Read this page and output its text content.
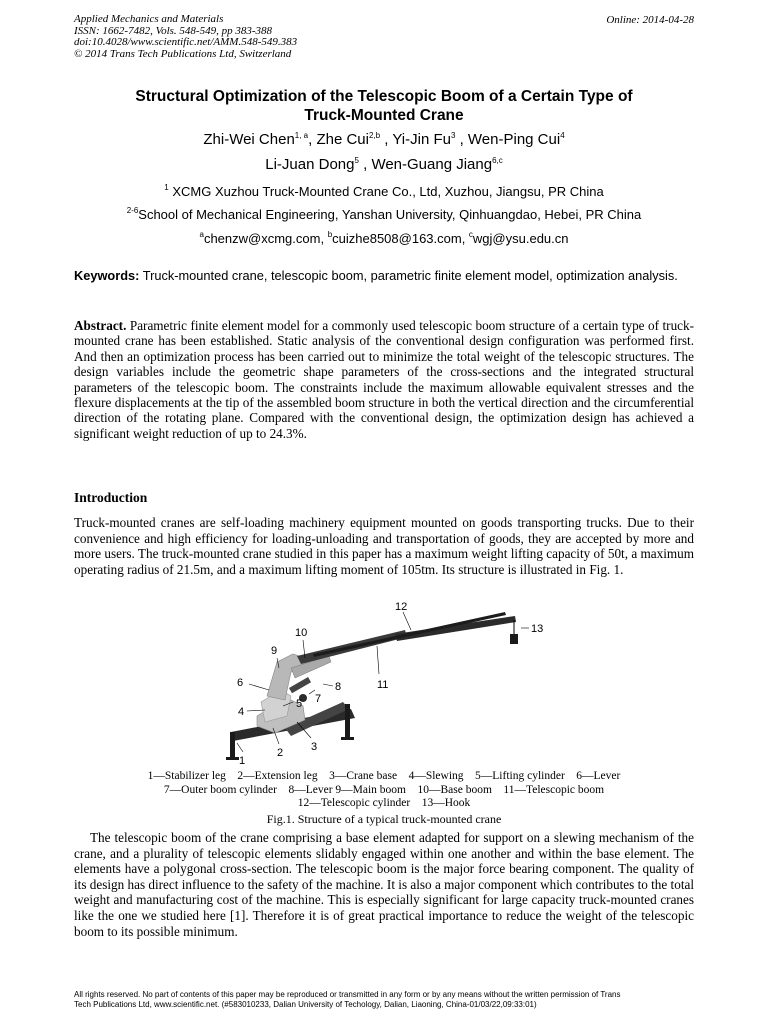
Applied Mechanics and Materials
ISSN: 1662-7482, Vols. 548-549, pp 383-388
doi:10.4028/www.scientific.net/AMM.548-549.383
© 2014 Trans Tech Publications Ltd, Switzerland
Online: 2014-04-28
Structural Optimization of the Telescopic Boom of a Certain Type of
Truck-Mounted Crane
Zhi-Wei Chen$^{1, a}$, Zhe Cui$^{2,b}$ , Yi-Jin Fu$^3$ , Wen-Ping Cui$^4$
Li-Juan Dong$^5$ , Wen-Guang Jiang$^{6,c}$
$^1$ XCMG Xuzhou Truck-Mounted Crane Co., Ltd, Xuzhou, Jiangsu, PR China
$^{2-6}$School of Mechanical Engineering, Yanshan University, Qinhuangdao, Hebei, PR China
$^a$chenzw@xcmg.com, $^b$cuizhe8508@163.com, $^c$wgj@ysu.edu.cn
Keywords: Truck-mounted crane, telescopic boom, parametric finite element model, optimization analysis.
Abstract. Parametric finite element model for a commonly used telescopic boom structure of a certain type of truck-mounted crane has been established. Static analysis of the conventional design configuration was performed first. And then an optimization process has been carried out to minimize the total weight of the telescopic structures. The design variables include the geometric shape parameters of the cross-sections and the integrated structural parameters of the telescopic boom. The constraints include the maximum allowable equivalent stresses and the flexure displacements at the tip of the assembled boom structure in both the vertical direction and the circumferential direction of the rotating plane. Compared with the conventional design, the optimization design has achieved a significant weight reduction of up to 24.3%.
Introduction
Truck-mounted cranes are self-loading machinery equipment mounted on goods transporting trucks. Due to their convenience and high efficiency for loading-unloading and transportation of goods, they are accepted by more and more users. The truck-mounted crane studied in this paper has a maximum weight lifting capacity of 50t, a maximum operating radius of 21.5m, and a maximum lifting moment of 105tm. Its structure is illustrated in Fig. 1.
1
2	3
4
5
6
7
8
9
10
11
12
13
1—Stabilizer leg    2—Extension leg    3—Crane base    4—Slewing    5—Lifting cylinder    6—Lever
7—Outer boom cylinder    8—Lever 9—Main boom    10—Base boom    11—Telescopic boom
12—Telescopic cylinder    13—Hook
Fig.1. Structure of a typical truck-mounted crane
The telescopic boom of the crane comprising a base element adapted for support on a slewing mechanism of the crane, and a plurality of telescopic elements slidably engaged within one another and within the base element. The elements have a polygonal cross-section. The telescopic boom is the major force bearing component. The quality of its design has direct influence to the safety of the machine. It is also a major component which contributes to the total weight and manufacturing cost of the machine. This is especially significant for large capacity truck-mounted cranes like the one we studied here [1]. Therefore it is of great practical importance to reduce the weight of the telescopic boom to its possible minimum.
All rights reserved. No part of contents of this paper may be reproduced or transmitted in any form or by any means without the written permission of Trans
Tech Publications Ltd, www.scientific.net. (#583010233, Dalian University of Techology, Dalian, Liaoning, China-01/03/22,09:33:01)
